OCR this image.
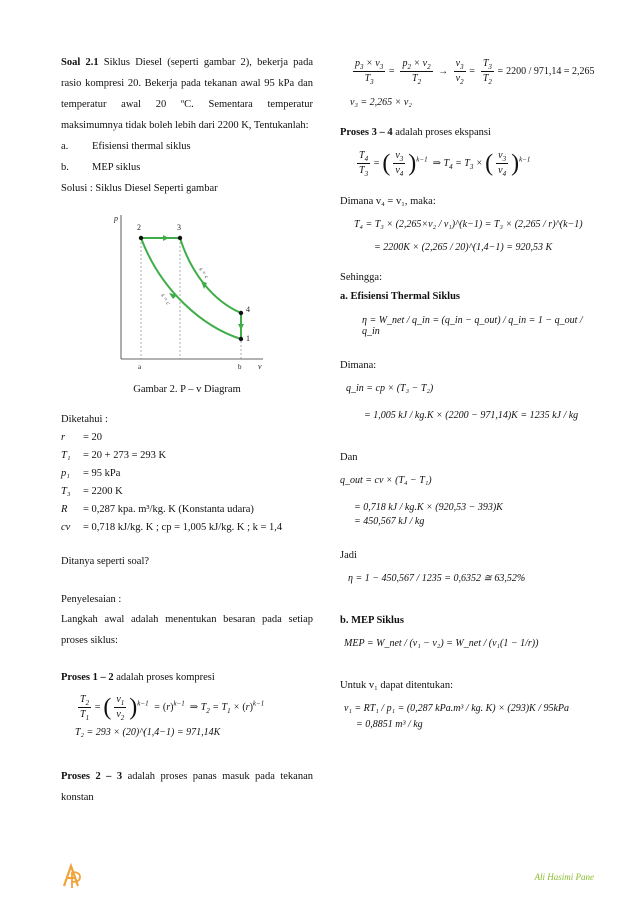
Soal 2.1 Siklus Diesel (seperti gambar 2), bekerja pada rasio kompresi 20. Bekerja pada tekanan awal 95 kPa dan temperatur awal 20 ºC. Sementara temperatur maksimumnya tidak boleh lebih dari 2200 K, Tentukanlah:

a.	Efisiensi thermal siklus
b.	MEP siklus

Solusi : Siklus Diesel Seperti gambar

s = c
s = c
2	3
4
1
p
v
a	b

Gambar 2. P – v Diagram

Diketahui :

r	= 20
T₁	= 20 + 273 = 293 K
p₁	= 95 kPa
T₃	= 2200 K
R	= 0,287 kpa. m³/kg. K (Konstanta udara)
cv	= 0,718 kJ/kg. K ; cp = 1,005 kJ/kg. K ; k = 1,4

Ditanya seperti soal?

Penyelesaian :

Langkah awal adalah menentukan besaran pada setiap proses siklus:

Proses 1 – 2 adalah proses kompresi

$\frac{T_2}{T_1}$ = ( $\frac{v_1}{v_2} )^{k-1} = (r)^{k-1}$ ⇒ $T_2 = T_1 \times (r)^{k-1}$
T₂ = 293 × (20)^(1,4−1) = 971,14K

Proses 2 – 3 adalah proses panas masuk pada tekanan konstan

$\frac{p_3 \times v_3}{T_3} = \frac{p_2 \times v_2}{T_2} \to \frac{v_3}{v_2} = \frac{T_3}{T_2} = 2200 / 971,14 = 2,265$
v₃ = 2,265 × v₂

Proses 3 – 4 adalah proses ekspansi

$\frac{T_4}{T_3}$ = ( $\frac{v_3}{v_4} )^{k-1}$ ⇒ $T_4 = T_3$ × ( $\frac{v_3}{v_4} )^{k-1}$

Dimana v₄ = v₁, maka:

T₄ = T₃ × (2,265×v₂ / v₁)^(k−1) = T₃ × (2,265 / r)^(k−1)
= 2200K × (2,265 / 20)^(1,4−1) = 920,53 K

Sehingga:

a. Efisiensi Thermal Siklus

η = W_net / q_in = (q_in − q_out) / q_in = 1 − q_out / q_in

Dimana:

q_in = cp × (T₃ − T₂)
= 1,005 kJ / kg.K × (2200 − 971,14)K = 1235 kJ / kg

Dan

q_out = cv × (T₄ − T₁)
= 0,718 kJ / kg.K × (920,53 − 393)K
= 450,567 kJ / kg

Jadi

η = 1 − 450,567 / 1235 = 0,6352 ≅ 63,52%

b. MEP Siklus

MEP = W_net / (v₁ − v₂) = W_net / (v₁(1 − 1/r))

Untuk v₁ dapat ditentukan:

v₁ = RT₁ / p₁ = (0,287 kPa.m³ / kg. K) × (293)K / 95kPa
= 0,8851 m³ / kg
Ali Hasimi Pane
